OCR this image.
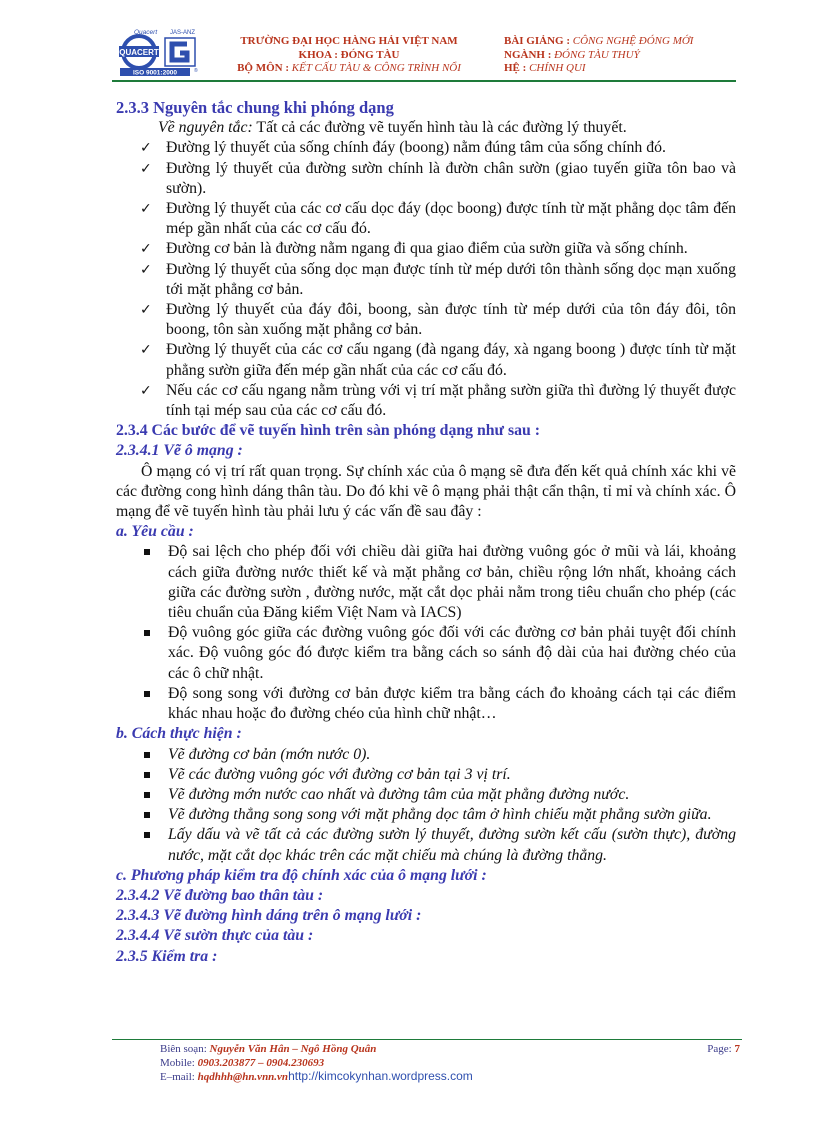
Quacert JAS-ANZ
QUACERT
®
ISO 9001:2000
TRƯỜNG ĐẠI HỌC HÀNG HẢI VIỆT NAM
KHOA : ĐÓNG TÀU
BỘ MÔN : KẾT CẤU TÀU & CÔNG TRÌNH NỔI
BÀI GIẢNG : CÔNG NGHỆ ĐÓNG MỚI
NGÀNH : ĐÓNG TÀU THUỶ
HỆ : CHÍNH QUI

2.3.3 Nguyên tắc chung khi phóng dạng

Về nguyên tắc: Tất cả các đường vẽ tuyến hình tàu là các đường lý thuyết.

✓ Đường lý thuyết của sống chính đáy (boong) nằm đúng tâm của sống chính đó.
✓ Đường lý thuyết của đường sườn chính là đườn chân sườn (giao tuyến giữa tôn bao và sườn).
✓ Đường lý thuyết của các cơ cấu dọc đáy (dọc boong) được tính từ mặt phẳng dọc tâm đến mép gần nhất của các cơ cấu đó.
✓ Đường cơ bản là đường nằm ngang đi qua giao điểm của sườn giữa và sống chính.
✓ Đường lý thuyết của sống dọc mạn được tính từ mép dưới tôn thành sống dọc mạn xuống tới mặt phẳng cơ bản.
✓ Đường lý thuyết của đáy đôi, boong, sàn được tính từ mép dưới của tôn đáy đôi, tôn boong, tôn sàn xuống mặt phẳng cơ bản.
✓ Đường lý thuyết của các cơ cấu ngang (đà ngang đáy, xà ngang boong ) được tính từ mặt phẳng sườn giữa đến mép gần nhất của các cơ cấu đó.
✓ Nếu các cơ cấu ngang nằm trùng với vị trí mặt phẳng sườn giữa thì đường lý thuyết được tính tại mép sau của các cơ cấu đó.

2.3.4 Các bước để vẽ tuyến hình trên sàn phóng dạng như sau :

2.3.4.1 Vẽ ô mạng :

Ô mạng có vị trí rất quan trọng. Sự chính xác của ô mạng sẽ đưa đến kết quả chính xác khi vẽ các đường cong hình dáng thân tàu. Do đó khi vẽ ô mạng phải thật cẩn thận, tỉ mỉ và chính xác. Ô mạng để vẽ tuyến hình tàu phải lưu ý các vấn đề sau đây :

a. Yêu cầu :

Độ sai lệch cho phép đối với chiều dài giữa hai đường vuông góc ở mũi và lái, khoảng cách giữa đường nước thiết kế và mặt phẳng cơ bản, chiều rộng lớn nhất, khoảng cách giữa các đường sườn , đường nước, mặt cắt dọc phải nằm trong tiêu chuẩn cho phép (các tiêu chuẩn của Đăng kiểm Việt Nam và IACS)
Độ vuông góc giữa các đường vuông góc đối với các đường cơ bản phải tuyệt đối chính xác. Độ vuông góc đó được kiểm tra bằng cách so sánh độ dài của hai đường chéo của các ô chữ nhật.
Độ song song với đường cơ bản được kiểm tra bằng cách đo khoảng cách tại các điểm khác nhau hoặc đo đường chéo của hình chữ nhật…

b. Cách thực hiện :

Vẽ đường cơ bản (mớn nước 0).
Vẽ các đường vuông góc với đường cơ bản tại 3 vị trí.
Vẽ đường mớn nước cao nhất và đường tâm của mặt phẳng đường nước.
Vẽ đường thẳng song song với mặt phẳng dọc tâm ở hình chiếu mặt phẳng sườn giữa.
Lấy dấu và vẽ tất cả các đường sườn lý thuyết, đường sườn kết cấu (sườn thực), đường nước, mặt cắt dọc khác trên các mặt chiếu mà chúng là đường thẳng.

c. Phương pháp kiểm tra độ chính xác của ô mạng lưới :

2.3.4.2 Vẽ đường bao thân tàu :

2.3.4.3 Vẽ đường hình dáng trên ô mạng lưới :

2.3.4.4 Vẽ sườn thực của tàu :

2.3.5 Kiểm tra :

Biên soạn: Nguyễn Văn Hân – Ngô Hồng Quân
Mobile: 0903.203877 – 0904.230693
E–mail: hqdhhh@hn.vnn.vnhttp://kimcokynhan.wordpress.com
Page: 7
